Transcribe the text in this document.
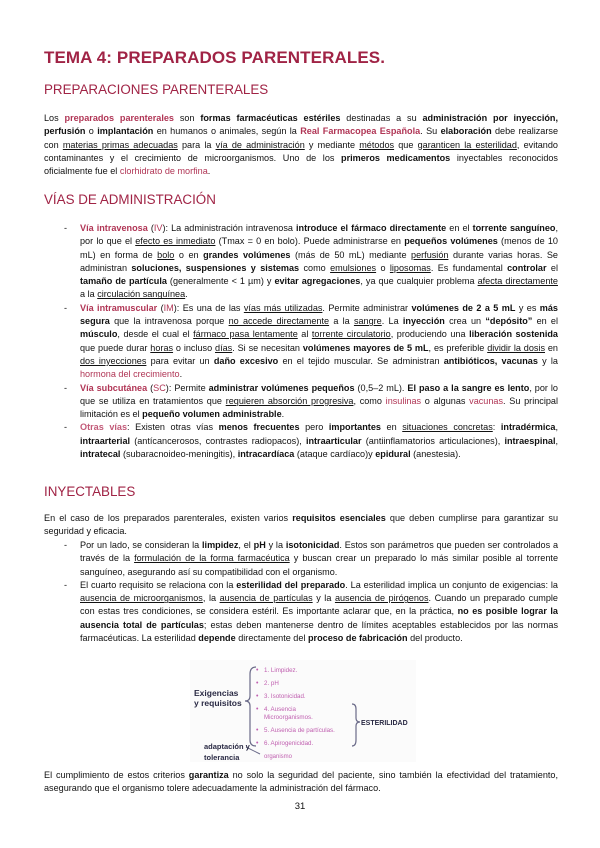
TEMA 4: PREPARADOS PARENTERALES.
PREPARACIONES PARENTERALES

Los preparados parenterales son formas farmacéuticas estériles destinadas a su administración por inyección, perfusión o implantación en humanos o animales, según la Real Farmacopea Española. Su elaboración debe realizarse con materias primas adecuadas para la vía de administración y mediante métodos que garanticen la esterilidad, evitando contaminantes y el crecimiento de microorganismos. Uno de los primeros medicamentos inyectables reconocidos oficialmente fue el clorhidrato de morfina.

VÍAS DE ADMINISTRACIÓN
- Vía intravenosa (IV): La administración intravenosa introduce el fármaco directamente en el torrente sanguíneo, por lo que el efecto es inmediato (Tmax = 0 en bolo). Puede administrarse en pequeños volúmenes (menos de 10 mL) en forma de bolo o en grandes volúmenes (más de 50 mL) mediante perfusión durante varias horas. Se administran soluciones, suspensiones y sistemas como emulsiones o liposomas. Es fundamental controlar el tamaño de partícula (generalmente < 1 µm) y evitar agregaciones, ya que cualquier problema afecta directamente a la circulación sanguínea.
- Vía intramuscular (IM): Es una de las vías más utilizadas. Permite administrar volúmenes de 2 a 5 mL y es más segura que la intravenosa porque no accede directamente a la sangre. La inyección crea un “depósito” en el músculo, desde el cual el fármaco pasa lentamente al torrente circulatorio, produciendo una liberación sostenida que puede durar horas o incluso días. Si se necesitan volúmenes mayores de 5 mL, es preferible dividir la dosis en dos inyecciones para evitar un daño excesivo en el tejido muscular. Se administran antibióticos, vacunas y la hormona del crecimiento.
- Vía subcutánea (SC): Permite administrar volúmenes pequeños (0,5–2 mL). El paso a la sangre es lento, por lo que se utiliza en tratamientos que requieren absorción progresiva, como insulinas o algunas vacunas. Su principal limitación es el pequeño volumen administrable.
- Otras vías: Existen otras vías menos frecuentes pero importantes en situaciones concretas: intradérmica, intraarterial (antícancerosos, contrastes radiopacos), intraarticular (antiinflamatorios articulaciones), intraespinal, intratecal (subaracnoideo-meningitis), intracardíaca (ataque cardíaco)y epidural (anestesia).
INYECTABLES

En el caso de los preparados parenterales, existen varios requisitos esenciales que deben cumplirse para garantizar su seguridad y eficacia.

- Por un lado, se consideran la limpidez, el pH y la isotonicidad. Estos son parámetros que pueden ser controlados a través de la formulación de la forma farmacéutica y buscan crear un preparado lo más similar posible al torrente sanguíneo, asegurando así su compatibilidad con el organismo.
- El cuarto requisito se relaciona con la esterilidad del preparado. La esterilidad implica un conjunto de exigencias: la ausencia de microorganismos, la ausencia de partículas y la ausencia de pirógenos. Cuando un preparado cumple con estas tres condiciones, se considera estéril. Es importante aclarar que, en la práctica, no es posible lograr la ausencia total de partículas; estas deben mantenerse dentro de límites aceptables establecidos por las normas farmacéuticas. La esterilidad depende directamente del proceso de fabricación del producto.
Exigencias
y requisitos
1. Limpidez.
2. pH
3. Isotonicidad.
4. Ausencia
Microorganismos.
5. Ausencia de partículas.
6. Apirogenicidad.
•
•
•
•
•
•
ESTERILIDAD
adaptación y
tolerancia	organismo

El cumplimiento de estos criterios garantiza no solo la seguridad del paciente, sino también la efectividad del tratamiento, asegurando que el organismo tolere adecuadamente la administración del fármaco.

31
